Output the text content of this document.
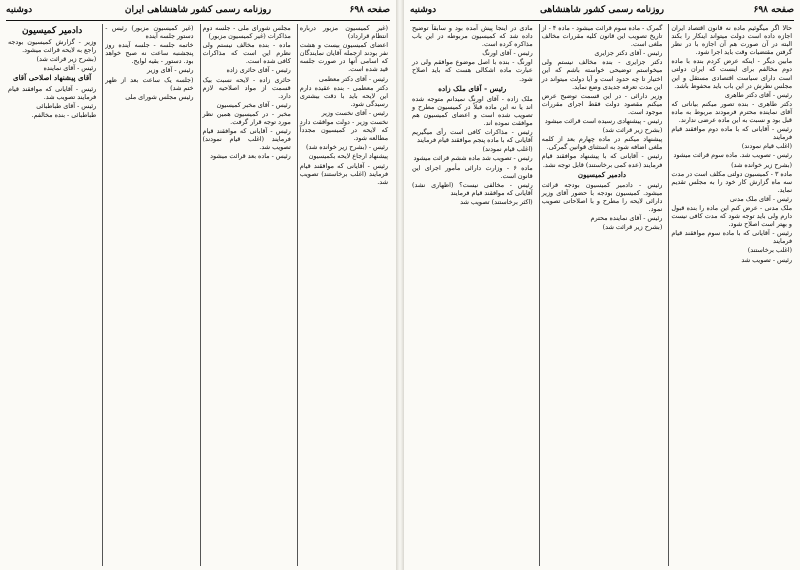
صفحه ۶۹۸
روزنامه رسمی کشور شاهنشاهی ایران
دوشنبه

(غیر کمیسیون مزبور درباره انتظام قرارداد)

اعضای کمیسیون بیست و هشت نفر بودند ازجمله آقایان نمایندگان که اسامی آنها در صورت جلسه قید شده است.

رئیس - آقای دکتر معظمی

دکتر معظمی - بنده عقیده دارم این لایحه باید با دقت بیشتری رسیدگی شود.

رئیس - آقای نخست وزیر

نخست وزیر - دولت موافقت دارد که لایحه در کمیسیون مجدداً مطالعه شود.

رئیس - (بشرح زیر خوانده شد)

پیشنهاد ارجاع لایحه بکمیسیون

رئیس - آقایانی که موافقند قیام فرمایند (اغلب برخاستند) تصویب شد.

مجلس شورای ملی - جلسه دوم مذاکرات (غیر کمیسیون مزبور)

ماده - بنده مخالف نیستم ولی نظرم این است که مذاکرات کافی شده است.

رئیس - آقای حائری زاده

حائری زاده - لایحه نسبت بیک قسمت از مواد اصلاحیه لازم دارد.

رئیس - آقای مخبر کمیسیون

مخبر - در کمیسیون همین نظر مورد توجه قرار گرفت.

رئیس - آقایانی که موافقند قیام فرمایند (اغلب قیام نمودند) تصویب شد.

رئیس - ماده بعد قرائت میشود

(غیر کمیسیون مزبور) رئیس - دستور جلسه آینده

خاتمه جلسه - جلسه آینده روز پنجشنبه ساعت نه صبح خواهد بود. دستور - بقیه لوایح.

رئیس - آقای وزیر

(جلسه یک ساعت بعد از ظهر ختم شد)

رئیس مجلس شورای ملی

دادمیر کمیسیون

وزیر - گزارش کمیسیون بودجه راجع به لایحه قرائت میشود.

(بشرح زیر قرائت شد)

رئیس - آقای نماینده

آقای پیشنهاد اصلاحی آقای

رئیس - آقایانی که موافقند قیام فرمایند تصویب شد.

رئیس - آقای طباطبائی

طباطبائی - بنده مخالفم.

صفحه ۶۹۸
روزنامه رسمی کشور شاهنشاهی
دوشنبه

حالا اگر میگوئیم ماده نه قانون اقتصاد ایران اجازه داده است دولت میتواند اینکار را بکند البته در آن صورت هم آن اجازه با در نظر گرفتن مقتضیات وقت باید اجرا شود.

مابین دیگر - اینکه عرض کردم بنده با ماده دوم مخالفم برای اینست که ایران دولتی است دارای سیاست اقتصادی مستقل و این مجلس نظرش در این باب باید محفوظ باشد.

رئیس - آقای دکتر طاهری

دکتر طاهری - بنده تصور میکنم بیاناتی که آقای نماینده محترم فرمودند مربوط به ماده قبل بود و نسبت به این ماده عرضی ندارند.

رئیس - آقایانی که با ماده دوم موافقند قیام فرمایند

(اغلب قیام نمودند)

رئیس - تصویب شد. ماده سوم قرائت میشود

(بشرح زیر خوانده شد)

ماده ۳ - کمیسیون دولتی مکلف است در مدت سه ماه گزارش کار خود را به مجلس تقدیم نماید.

رئیس - آقای ملک مدنی

ملک مدنی - عرض کنم این ماده را بنده قبول دارم ولی باید توجه شود که مدت کافی نیست و بهتر است اصلاح شود.

رئیس - آقایانی که با ماده سوم موافقند قیام فرمایند

(اغلب برخاستند)

رئیس - تصویب شد

گمرک - ماده سوم قرائت میشود - ماده ۴ - از تاریخ تصویب این قانون کلیه مقررات مخالف ملغی است.

رئیس - آقای دکتر جزایری

دکتر جزایری - بنده مخالف نیستم ولی میخواستم توضیحی خواسته باشم که این اختیار تا چه حدود است و آیا دولت میتواند در این مدت تعرفه جدیدی وضع نماید.

وزیر دارائی - در این قسمت توضیح عرض میکنم مقصود دولت فقط اجرای مقررات موجود است.

رئیس - پیشنهادی رسیده است قرائت میشود

(بشرح زیر قرائت شد)

پیشنهاد میکنم در ماده چهارم بعد از کلمه ملغی اضافه شود به استثنای قوانین گمرکی.

رئیس - آقایانی که با پیشنهاد موافقند قیام فرمایند (عده کمی برخاستند) قابل توجه نشد.

دادمیر کمیسیون

رئیس - دادمیر کمیسیون بودجه قرائت میشود. کمیسیون بودجه با حضور آقای وزیر دارائی لایحه را مطرح و با اصلاحاتی تصویب نمود.

رئیس - آقای نماینده محترم

(بشرح زیر قرائت شد)

مادی در اینجا پیش آمده بود و سابقاً توضیح داده شد که کمیسیون مربوطه در این باب مذاکره کرده است.

رئیس - آقای اورنگ

اورنگ - بنده با اصل موضوع موافقم ولی در عبارت ماده اشکالی هست که باید اصلاح شود.

رئیس - آقای ملک زاده

ملک زاده - آقای اورنگ نمیدانم متوجه شده اند یا نه این ماده قبلاً در کمیسیون مطرح و تصویب شده است و اعضای کمیسیون هم موافقت نموده اند.

رئیس - مذاکرات کافی است رأی میگیریم آقایانی که با ماده پنجم موافقند قیام فرمایند

(اغلب قیام نمودند)

رئیس - تصویب شد ماده ششم قرائت میشود

ماده ۶ - وزارت دارائی مأمور اجرای این قانون است.

رئیس - مخالفی نیست؟ (اظهاری نشد) آقایانی که موافقند قیام فرمایند

(اکثر برخاستند) تصویب شد
